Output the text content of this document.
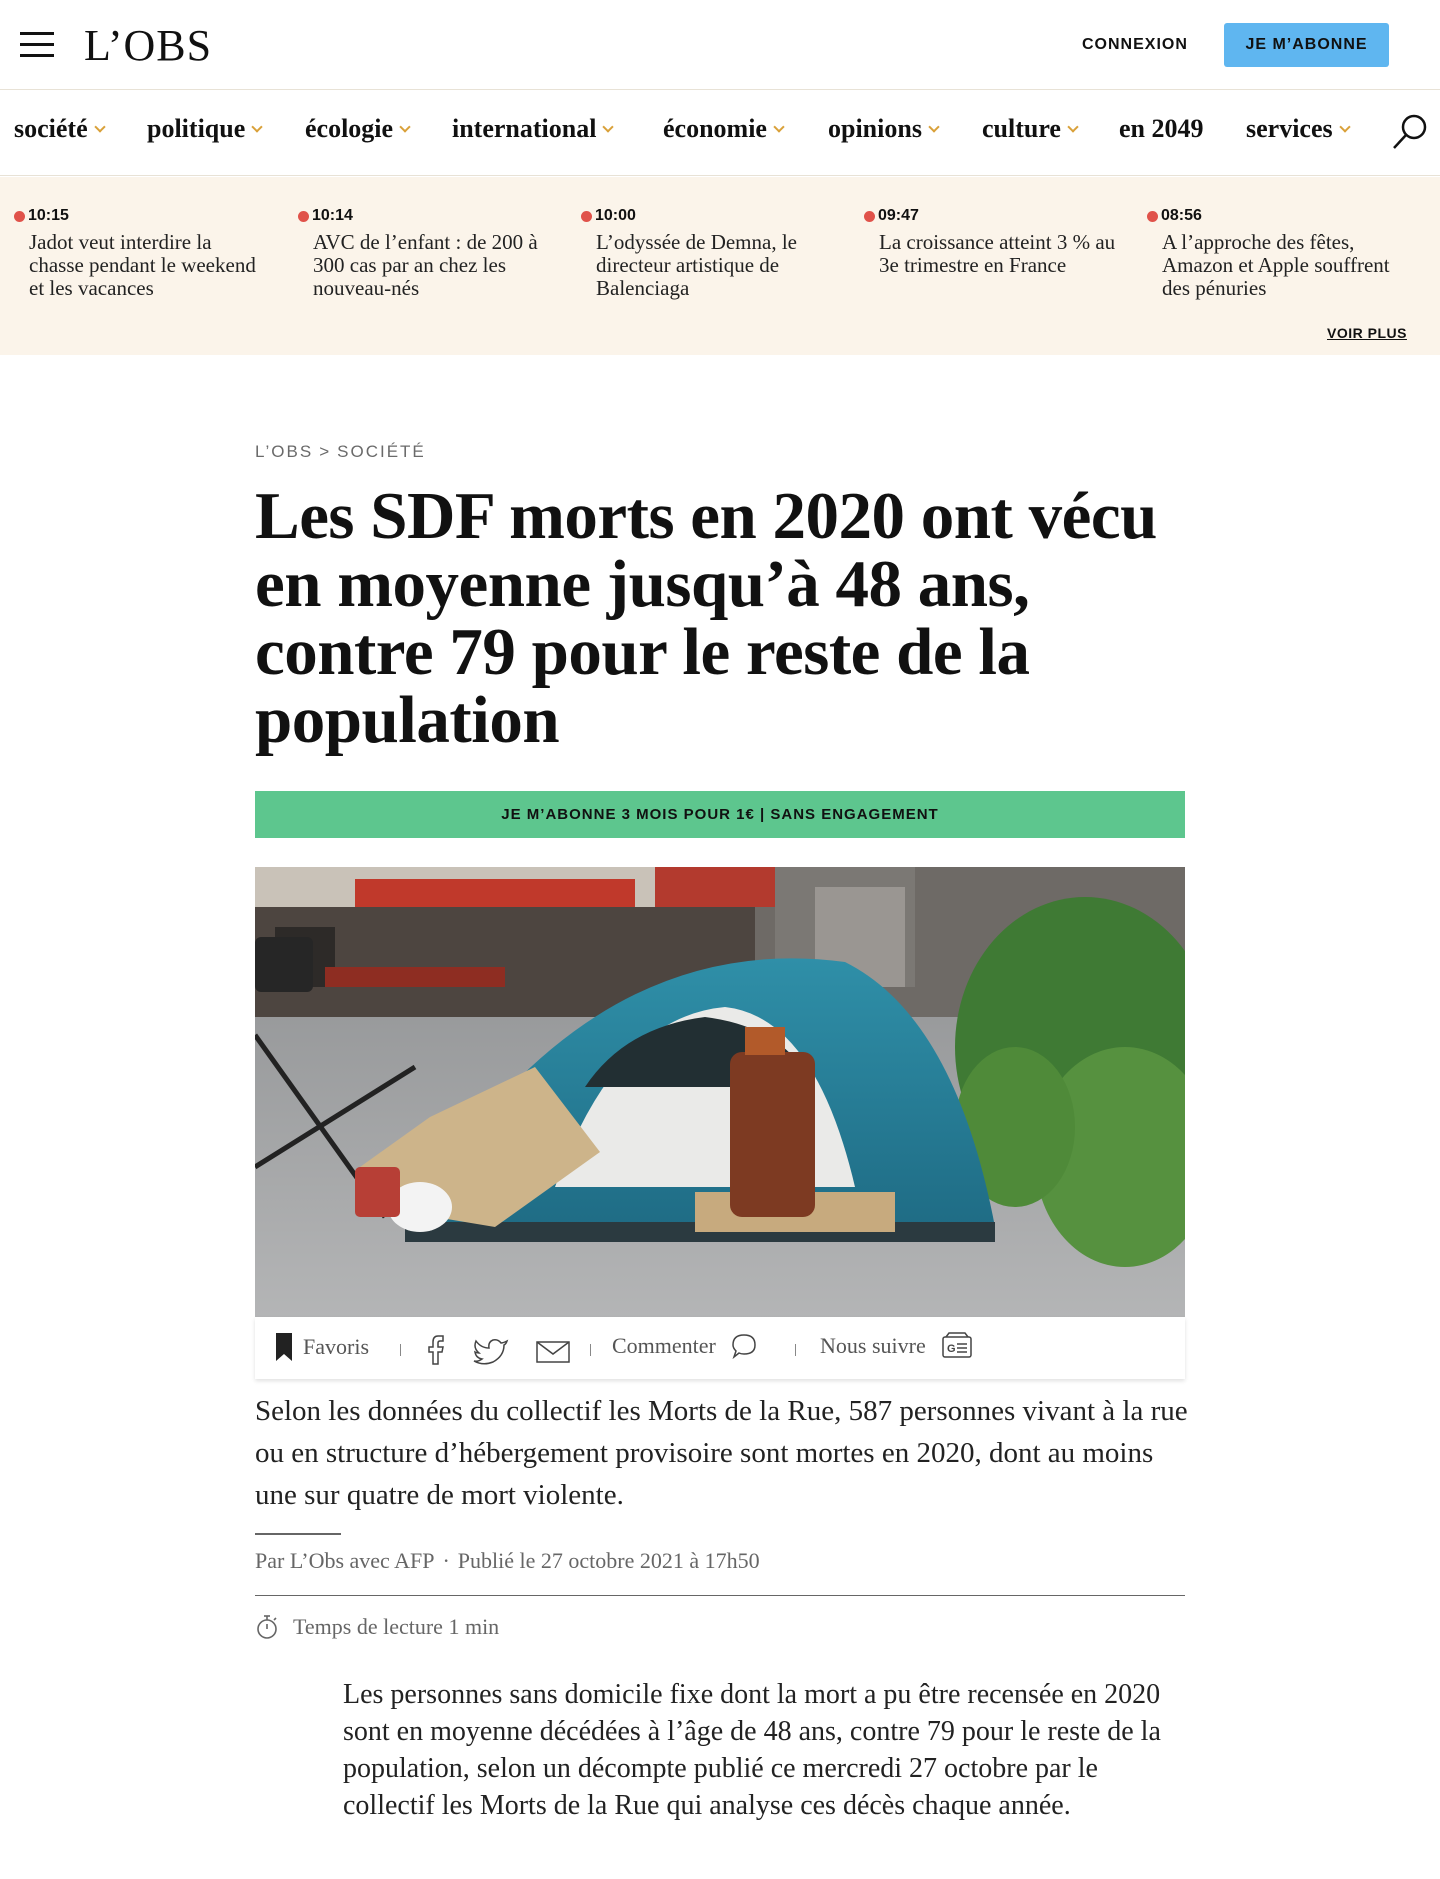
L’OBS	CONNEXION	JE M’ABONNE
société politique écologie international	économie opinions culture en 2049 services
10:15
Jadot veut interdire la chasse pendant le weekend et les vacances
10:14
AVC de l’enfant : de 200 à 300 cas par an chez les nouveau-nés
10:00
L’odyssée de Demna, le directeur artistique de Balenciaga
09:47
La croissance atteint 3 % au 3e trimestre en France
08:56
A l’approche des fêtes, Amazon et Apple souffrent des pénuries
VOIR PLUS
L’OBS > SOCIÉTÉ
Les SDF morts en 2020 ont vécu en moyenne jusqu’à 48 ans, contre 79 pour le reste de la population
JE M’ABONNE 3 MOIS POUR 1€ | SANS ENGAGEMENT
Favoris	Commenter	Nous suivre G

Selon les données du collectif les Morts de la Rue, 587 personnes vivant à la rue ou en structure d’hébergement provisoire sont mortes en 2020, dont au moins une sur quatre de mort violente.

Par L’Obs avec AFP · Publié le 27 octobre 2021 à 17h50
Temps de lecture 1 min

Les personnes sans domicile fixe dont la mort a pu être recensée en 2020 sont en moyenne décédées à l’âge de 48 ans, contre 79 pour le reste de la population, selon un décompte publié ce mercredi 27 octobre par le collectif les Morts de la Rue qui analyse ces décès chaque année.
